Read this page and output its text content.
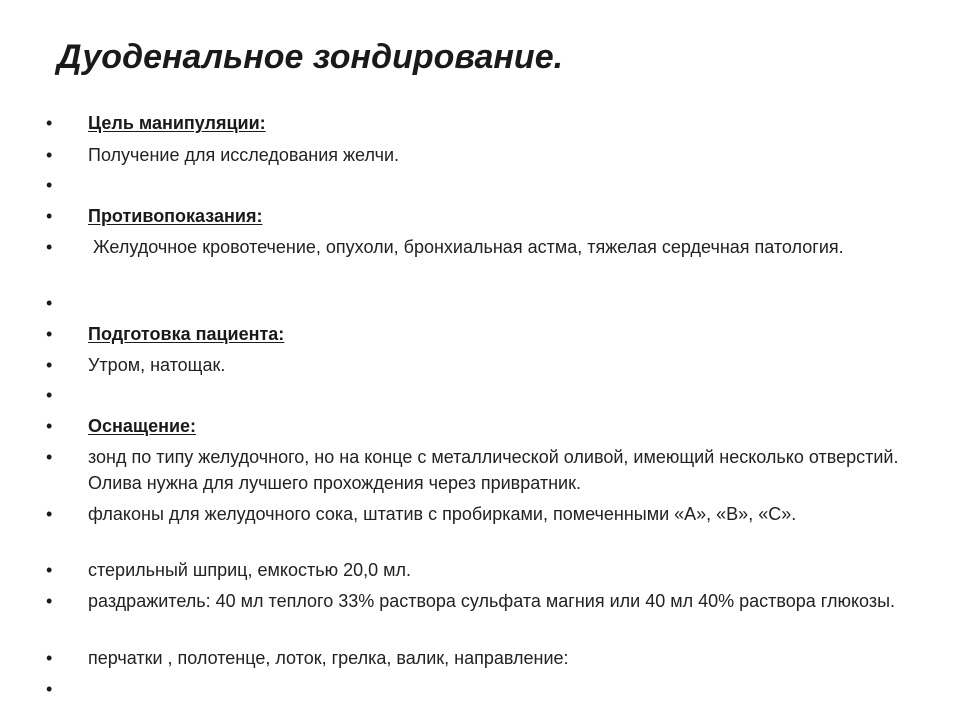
Дуоденальное зондирование.
•	Цель манипуляции:
•	Получение для исследования желчи.
•
•	Противопоказания:
•	Желудочное кровотечение, опухоли, бронхиальная астма, тяжелая сердечная патология.
•
•	Подготовка пациента:
•	Утром, натощак.
•
•	Оснащение:
•	зонд по типу желудочного, но на конце с металлической оливой, имеющий несколько отверстий. Олива нужна для лучшего прохождения через привратник.
•	флаконы для желудочного сока, штатив с пробирками, помеченными «А», «В», «С».
•	стерильный шприц, емкостью 20,0 мл.
•	раздражитель: 40 мл теплого 33% раствора сульфата магния или 40 мл 40% раствора глюкозы.
•	перчатки , полотенце, лоток, грелка, валик, направление:
•
